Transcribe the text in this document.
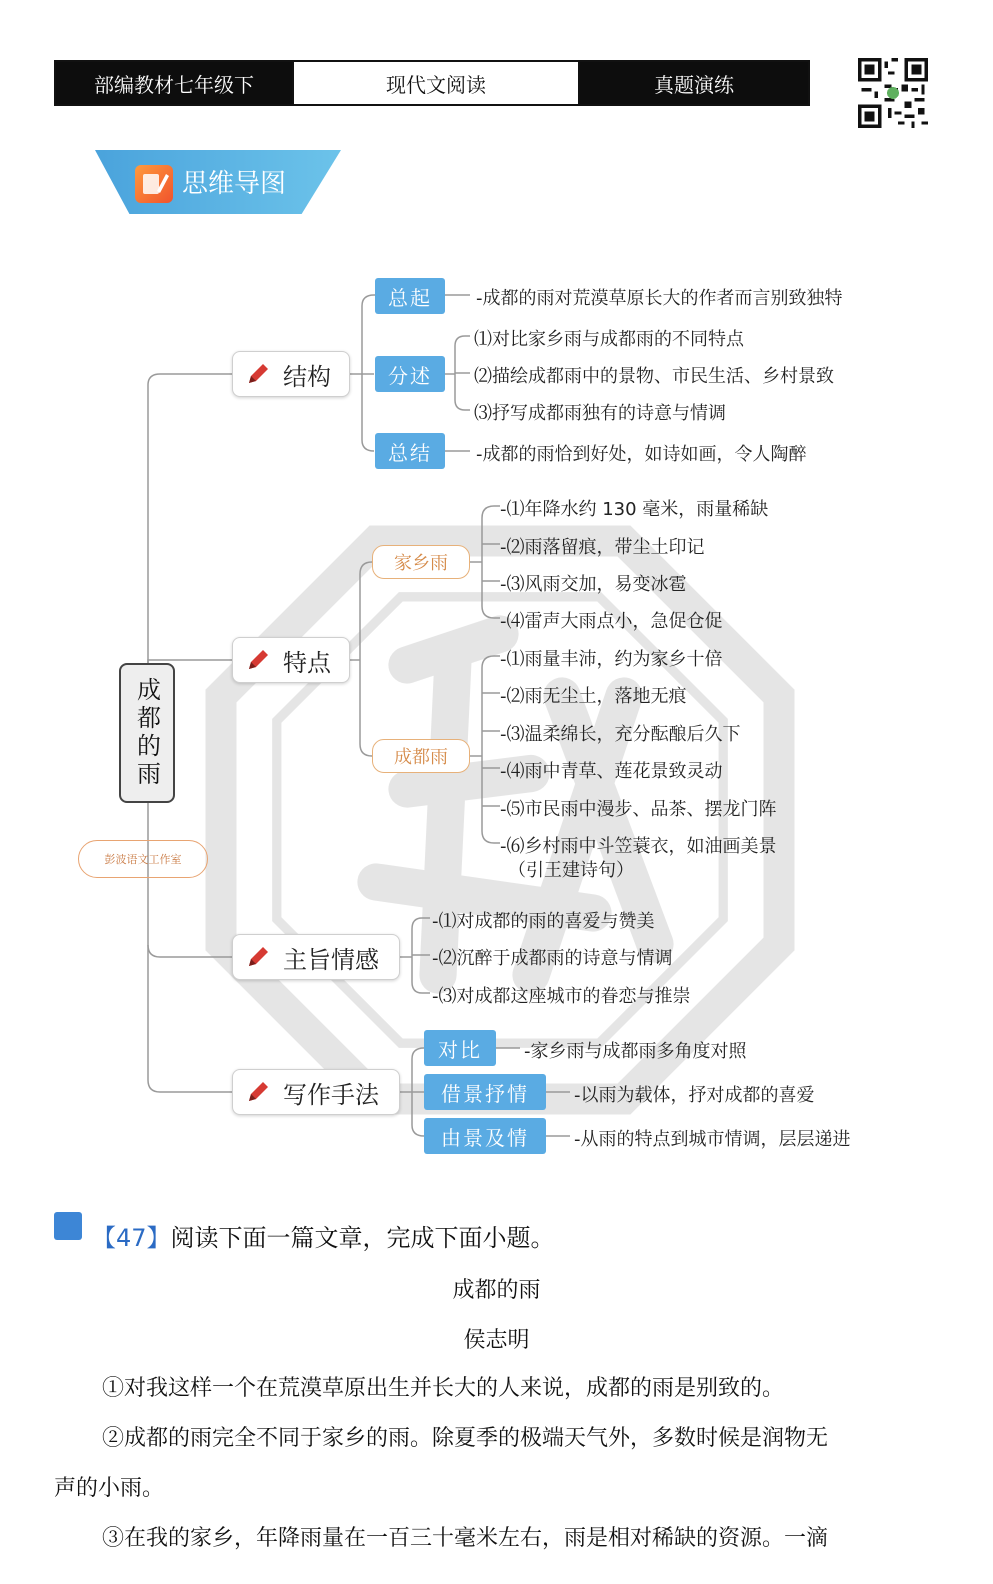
部编教材七年级下	现代文阅读	真题演练
思维导图
成都的雨
彭波语文工作室
结构
总起	-成都的雨对荒漠草原长大的作者而言别致独特
分述
⑴对比家乡雨与成都雨的不同特点
⑵描绘成都雨中的景物、市民生活、乡村景致
⑶抒写成都雨独有的诗意与情调
总结	-成都的雨恰到好处，如诗如画，令人陶醉
特点
家乡雨
-⑴年降水约 130 毫米，雨量稀缺
-⑵雨落留痕，带尘土印记
-⑶风雨交加，易变冰雹
-⑷雷声大雨点小，急促仓促
成都雨
-⑴雨量丰沛，约为家乡十倍
-⑵雨无尘土，落地无痕
-⑶温柔绵长，充分酝酿后久下
-⑷雨中青草、莲花景致灵动
-⑸市民雨中漫步、品茶、摆龙门阵
-⑹乡村雨中斗笠蓑衣，如油画美景
（引王建诗句）
主旨情感
-⑴对成都的雨的喜爱与赞美
-⑵沉醉于成都雨的诗意与情调
-⑶对成都这座城市的眷恋与推崇
写作手法
对比	-家乡雨与成都雨多角度对照
借景抒情	-以雨为载体，抒对成都的喜爱
由景及情	-从雨的特点到城市情调，层层递进
【47】阅读下面一篇文章，完成下面小题。
成都的雨
侯志明
①对我这样一个在荒漠草原出生并长大的人来说，成都的雨是别致的。
②成都的雨完全不同于家乡的雨。除夏季的极端天气外，多数时候是润物无
声的小雨。
③在我的家乡，年降雨量在一百三十毫米左右，雨是相对稀缺的资源。一滴
